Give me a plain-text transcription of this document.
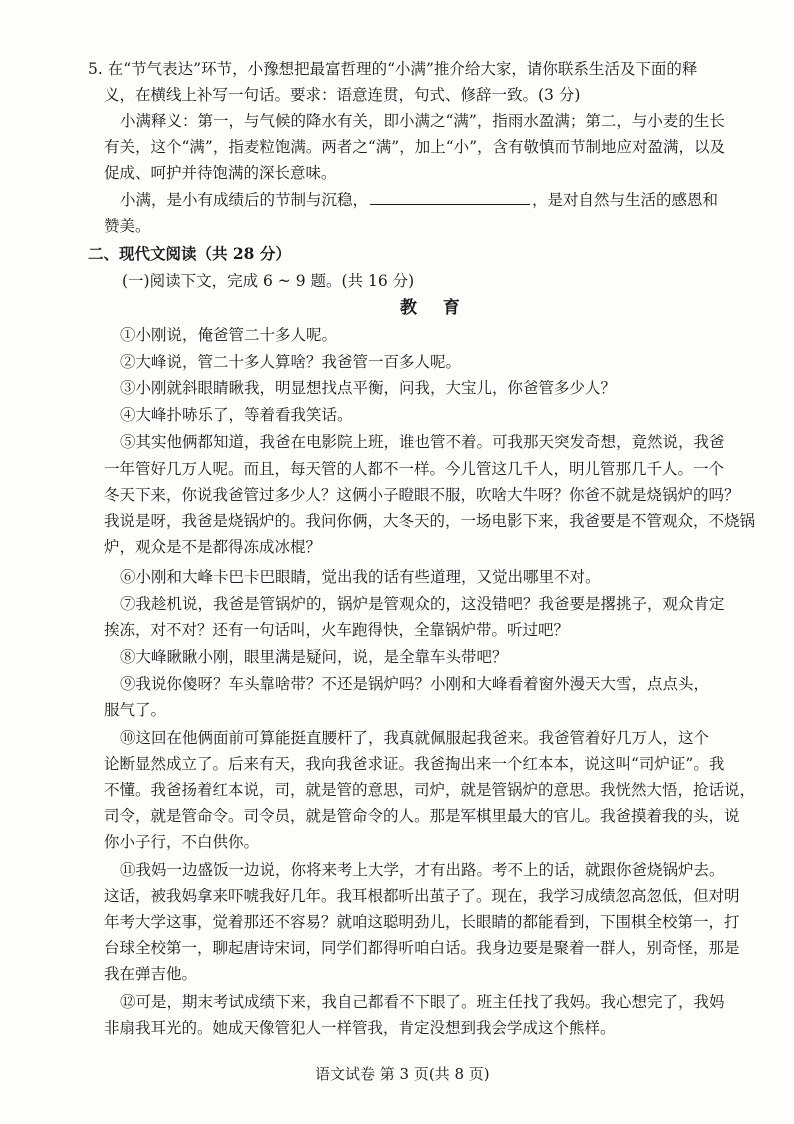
5. 在“节气表达”环节，小豫想把最富哲理的“小满”推介给大家，请你联系生活及下面的释
义，在横线上补写一句话。要求：语意连贯，句式、修辞一致。(3 分)
小满释义：第一，与气候的降水有关，即小满之“满”，指雨水盈满；第二，与小麦的生长
有关，这个“满”，指麦粒饱满。两者之“满”，加上“小”，含有敬慎而节制地应对盈满，以及
促成、呵护并待饱满的深长意味。
小满，是小有成绩后的节制与沉稳，	，是对自然与生活的感恩和
赞美。
二、现代文阅读（共 28 分）
(一)阅读下文，完成 6 ~ 9 题。(共 16 分)
教 育
①小刚说，俺爸管二十多人呢。
②大峰说，管二十多人算啥？我爸管一百多人呢。
③小刚就斜眼睛瞅我，明显想找点平衡，问我，大宝儿，你爸管多少人？
④大峰扑哧乐了，等着看我笑话。
⑤其实他俩都知道，我爸在电影院上班，谁也管不着。可我那天突发奇想，竟然说，我爸
一年管好几万人呢。而且，每天管的人都不一样。今儿管这几千人，明儿管那几千人。一个
冬天下来，你说我爸管过多少人？这俩小子瞪眼不服，吹啥大牛呀？你爸不就是烧锅炉的吗？
我说是呀，我爸是烧锅炉的。我问你俩，大冬天的，一场电影下来，我爸要是不管观众，不烧锅
炉，观众是不是都得冻成冰棍？
⑥小刚和大峰卡巴卡巴眼睛，觉出我的话有些道理，又觉出哪里不对。
⑦我趁机说，我爸是管锅炉的，锅炉是管观众的，这没错吧？我爸要是撂挑子，观众肯定
挨冻，对不对？还有一句话叫，火车跑得快，全靠锅炉带。听过吧？
⑧大峰瞅瞅小刚，眼里满是疑问，说，是全靠车头带吧？
⑨我说你傻呀？车头靠啥带？不还是锅炉吗？小刚和大峰看着窗外漫天大雪，点点头，
服气了。
⑩这回在他俩面前可算能挺直腰杆了，我真就佩服起我爸来。我爸管着好几万人，这个
论断显然成立了。后来有天，我向我爸求证。我爸掏出来一个红本本，说这叫“司炉证”。我
不懂。我爸扬着红本说，司，就是管的意思，司炉，就是管锅炉的意思。我恍然大悟，抢话说，
司令，就是管命令。司令员，就是管命令的人。那是军棋里最大的官儿。我爸摸着我的头，说
你小子行，不白供你。
⑪我妈一边盛饭一边说，你将来考上大学，才有出路。考不上的话，就跟你爸烧锅炉去。
这话，被我妈拿来吓唬我好几年。我耳根都听出茧子了。现在，我学习成绩忽高忽低，但对明
年考大学这事，觉着那还不容易？就咱这聪明劲儿，长眼睛的都能看到，下围棋全校第一，打
台球全校第一，聊起唐诗宋词，同学们都得听咱白话。我身边要是聚着一群人，别奇怪，那是
我在弹吉他。
⑫可是，期末考试成绩下来，我自己都看不下眼了。班主任找了我妈。我心想完了，我妈
非扇我耳光的。她成天像管犯人一样管我，肯定没想到我会学成这个熊样。
语文试卷 第 3 页(共 8 页)
